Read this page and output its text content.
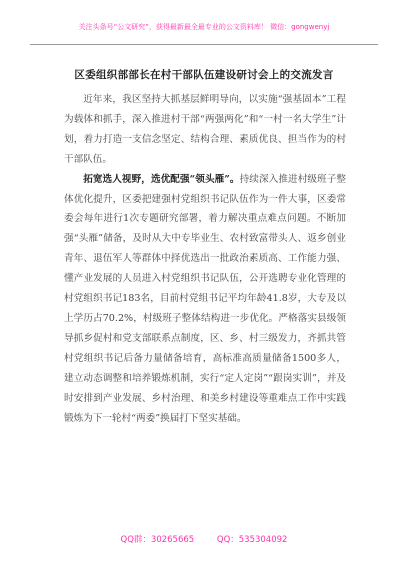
关注头条号“公文研究”，获得最新最全最专业的公文资料库！ 微信：gongwenyj
区委组织部部长在村干部队伍建设研讨会上的交流发言

近年来，我区坚持大抓基层鲜明导向，以实施“强基固本”工程为载体和抓手，深入推进村干部“两强两化”和“一村一名大学生”计划，着力打造一支信念坚定、结构合理、素质优良、担当作为的村干部队伍。

拓宽选人视野，选优配强“领头雁”。持续深入推进村级班子整体优化提升，区委把建强村党组织书记队伍作为一件大事，区委常委会每年进行1次专题研究部署，着力解决重点难点问题。不断加强“头雁”储备，及时从大中专毕业生、农村致富带头人、返乡创业青年、退伍军人等群体中择优选出一批政治素质高、工作能力强、懂产业发展的人员进入村党组织书记队伍，公开选聘专业化管理的村党组织书记183名，目前村党组书记平均年龄41.8岁，大专及以上学历占70.2%，村级班子整体结构进一步优化。严格落实县级领导抓乡促村和党支部联系点制度，区、乡、村三级发力，齐抓共管村党组织书记后备力量储备培育，高标准高质量储备1500多人，建立动态调整和培养锻炼机制，实行“定人定岗”“跟岗实训”，并及时安排到产业发展、乡村治理、和美乡村建设等重难点工作中实践锻炼为下一轮村“两委”换届打下坚实基础。

QQ群：30265665	QQ：535304092
